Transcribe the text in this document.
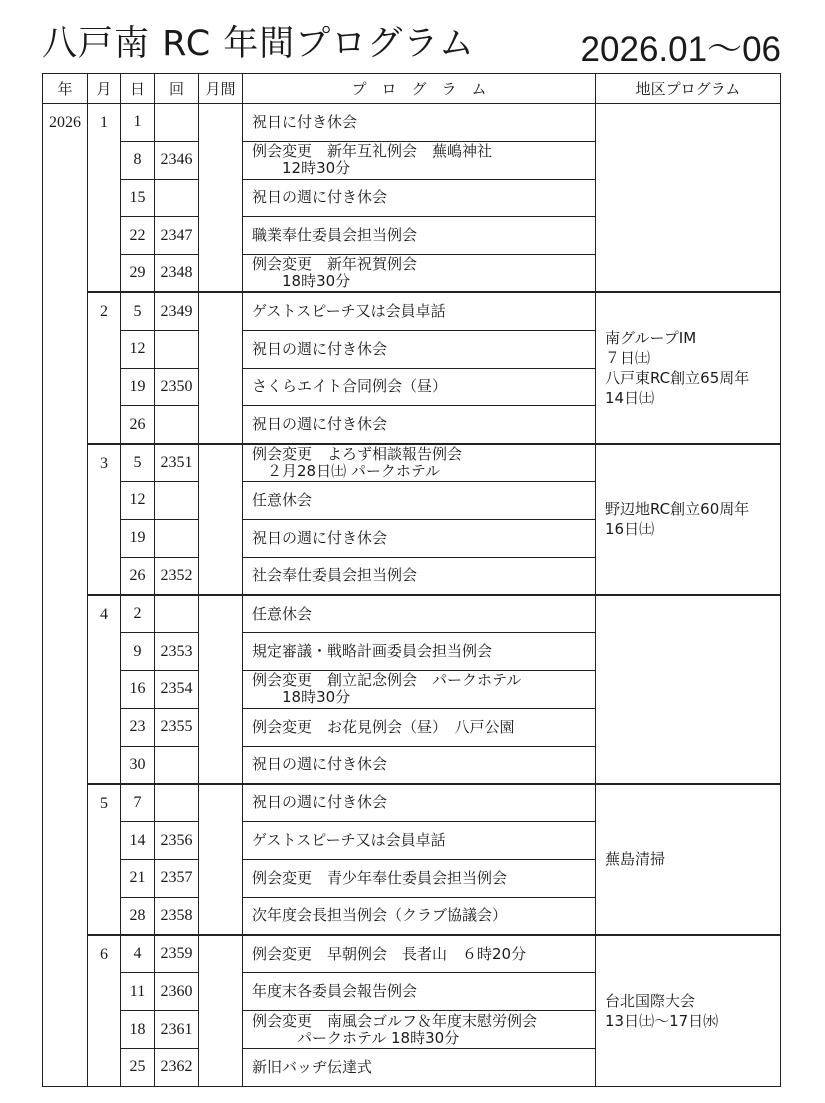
八戸南 RC 年間プログラム	2026.01～06
年	月	日	回	月間	プ　ロ　グ　ラ　ム	地区プログラム
2026	1	1			祝日に付き休会	

		8	2346		例会変更　新年互礼例会　蕪嶋神社
　　12時30分	

		15			祝日の週に付き休会	

		22	2347		職業奉仕委員会担当例会	

		29	2348		例会変更　新年祝賀例会
　　18時30分	

	2	5	2349		ゲストスピーチ又は会員卓話	南グループIM
７日㈯
八戸東RC創立65周年
14日㈯

		12			祝日の週に付き休会	

		19	2350		さくらエイト合同例会（昼）	

		26			祝日の週に付き休会	

	3	5	2351		例会変更　よろず相談報告例会
　２月28日㈯ パークホテル	野辺地RC創立60周年
16日㈯

		12			任意休会	

		19			祝日の週に付き休会	

		26	2352		社会奉仕委員会担当例会	

	4	2			任意休会	

		9	2353		規定審議・戦略計画委員会担当例会	

		16	2354		例会変更　創立記念例会　パークホテル
　　18時30分	

		23	2355		例会変更　お花見例会（昼）　八戸公園	

		30			祝日の週に付き休会	

	5	7			祝日の週に付き休会	蕪島清掃

		14	2356		ゲストスピーチ又は会員卓話	

		21	2357		例会変更　青少年奉仕委員会担当例会	

		28	2358		次年度会長担当例会（クラブ協議会）	

	6	4	2359		例会変更　早朝例会　長者山　６時20分	台北国際大会
13日㈯～17日㈬

		11	2360		年度末各委員会報告例会	

		18	2361		例会変更　南風会ゴルフ＆年度末慰労例会
　　　パークホテル 18時30分	

		25	2362		新旧バッヂ伝達式	
